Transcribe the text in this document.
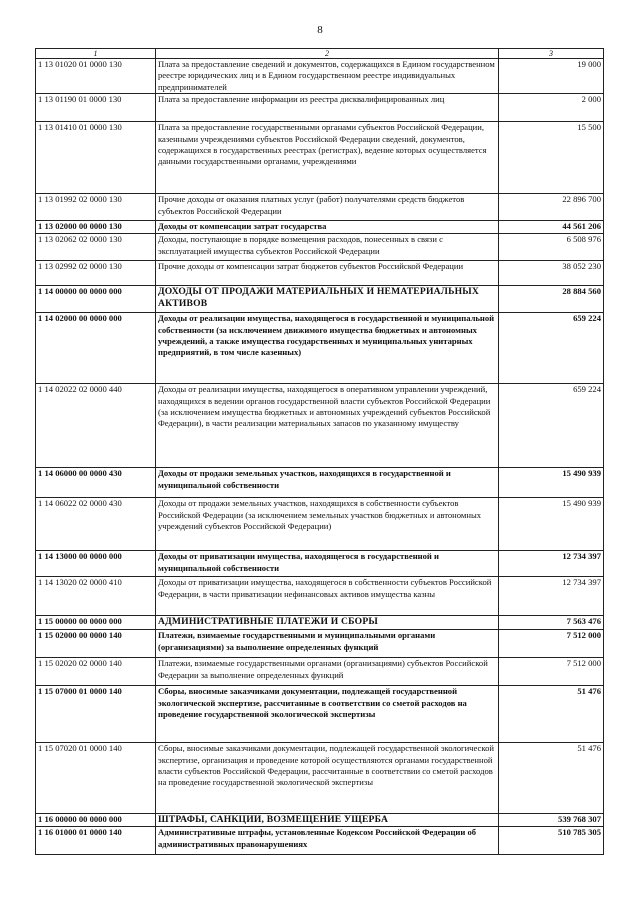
8
1	2	3
1 13 01020 01 0000 130	Плата за предоставление сведений и документов, содержащихся в Едином государственном реестре юридических лиц и в Едином государственном реестре индивидуальных предпринимателей	19 000
1 13 01190 01 0000 130	Плата за предоставление информации из реестра дисквалифицированных лиц	2 000
1 13 01410 01 0000 130	Плата за предоставление государственными органами субъектов Российской Федерации, казенными учреждениями субъектов Российской Федерации сведений, документов, содержащихся в государственных реестрах (регистрах), ведение которых осуществляется данными государственными органами, учреждениями	15 500
1 13 01992 02 0000 130	Прочие доходы от оказания платных услуг (работ) получателями средств бюджетов субъектов Российской Федерации	22 896 700
1 13 02000 00 0000 130	Доходы от компенсации затрат государства	44 561 206
1 13 02062 02 0000 130	Доходы, поступающие в порядке возмещения расходов, понесенных в связи с эксплуатацией имущества субъектов Российской Федерации	6 508 976
1 13 02992 02 0000 130	Прочие доходы от компенсации затрат бюджетов субъектов Российской Федерации	38 052 230
1 14 00000 00 0000 000	ДОХОДЫ ОТ ПРОДАЖИ МАТЕРИАЛЬНЫХ И НЕМАТЕРИАЛЬНЫХ АКТИВОВ	28 884 560
1 14 02000 00 0000 000	Доходы от реализации имущества, находящегося в государственной и муниципальной собственности (за исключением движимого имущества бюджетных и автономных учреждений, а также имущества государственных и муниципальных унитарных предприятий, в том числе казенных)	659 224
1 14 02022 02 0000 440	Доходы от реализации имущества, находящегося в оперативном управлении учреждений, находящихся в ведении органов государственной власти субъектов Российской Федерации (за исключением имущества бюджетных и автономных учреждений субъектов Российской Федерации), в части реализации материальных запасов по указанному имуществу	659 224
1 14 06000 00 0000 430	Доходы от продажи земельных участков, находящихся в государственной и муниципальной собственности	15 490 939
1 14 06022 02 0000 430	Доходы от продажи земельных участков, находящихся в собственности субъектов Российской Федерации (за исключением земельных участков бюджетных и автономных учреждений субъектов Российской Федерации)	15 490 939
1 14 13000 00 0000 000	Доходы от приватизации имущества, находящегося в государственной и муниципальной собственности	12 734 397
1 14 13020 02 0000 410	Доходы от приватизации имущества, находящегося в собственности субъектов Российской Федерации, в части приватизации нефинансовых активов имущества казны	12 734 397
1 15 00000 00 0000 000	АДМИНИСТРАТИВНЫЕ ПЛАТЕЖИ И СБОРЫ	7 563 476
1 15 02000 00 0000 140	Платежи, взимаемые государственными и муниципальными органами (организациями) за выполнение определенных функций	7 512 000
1 15 02020 02 0000 140	Платежи, взимаемые государственными органами (организациями) субъектов Российской Федерации за выполнение определенных функций	7 512 000
1 15 07000 01 0000 140	Сборы, вносимые заказчиками документации, подлежащей государственной экологической экспертизе, рассчитанные в соответствии со сметой расходов на проведение государственной экологической экспертизы	51 476
1 15 07020 01 0000 140	Сборы, вносимые заказчиками документации, подлежащей государственной экологической экспертизе, организация и проведение которой осуществляются органами государственной власти субъектов Российской Федерации, рассчитанные в соответствии со сметой расходов на проведение государственной экологической экспертизы	51 476
1 16 00000 00 0000 000	ШТРАФЫ, САНКЦИИ, ВОЗМЕЩЕНИЕ УЩЕРБА	539 768 307
1 16 01000 01 0000 140	Административные штрафы, установленные Кодексом Российской Федерации об административных правонарушениях	510 785 305
